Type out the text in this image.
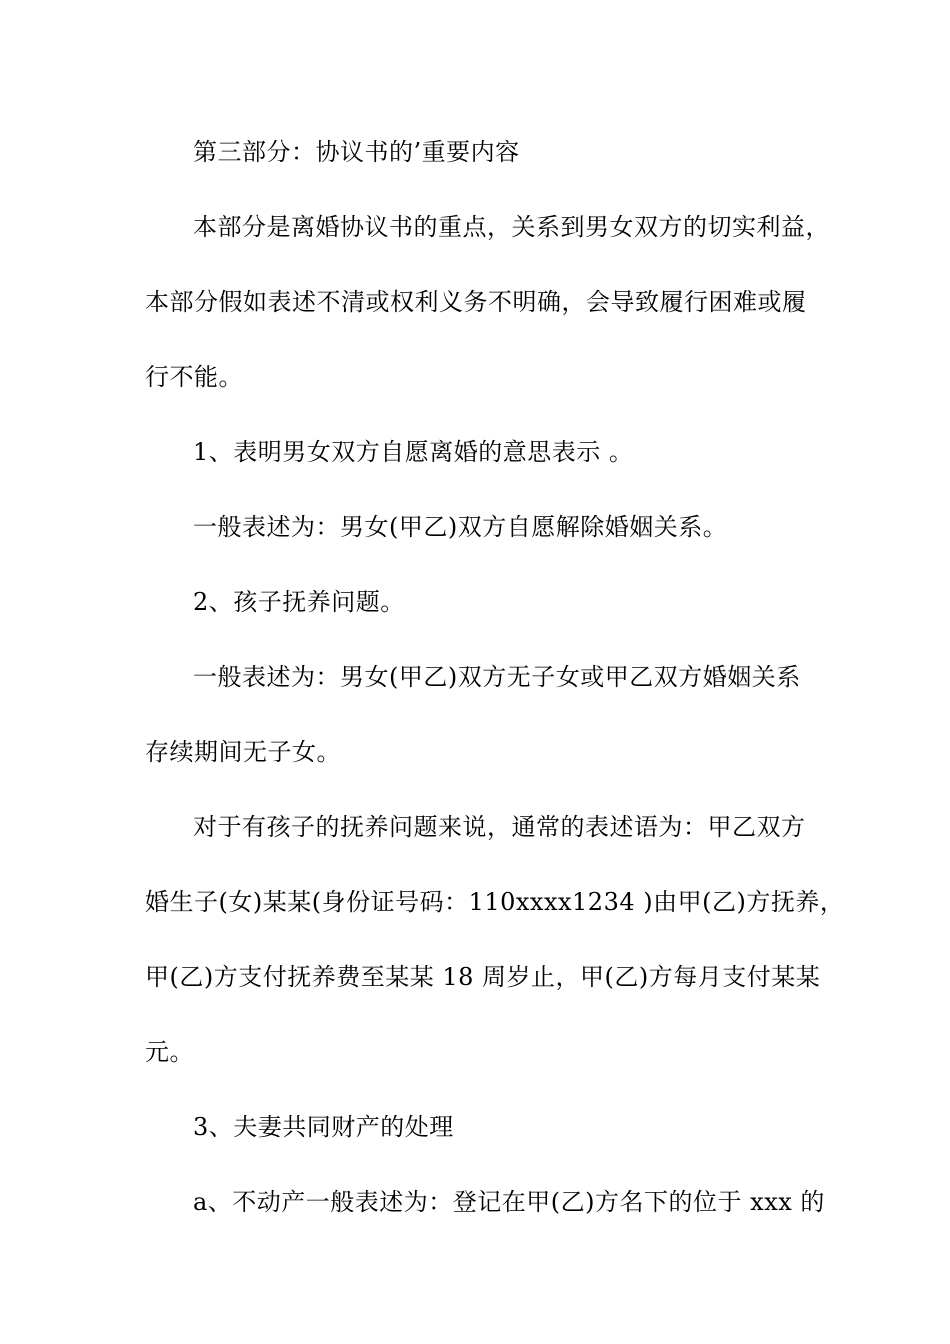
第三部分：协议书的’重要内容
本部分是离婚协议书的重点，关系到男女双方的切实利益，
本部分假如表述不清或权利义务不明确，会导致履行困难或履
行不能。
1、表明男女双方自愿离婚的意思表示 。
一般表述为：男女(甲乙)双方自愿解除婚姻关系。
2、孩子抚养问题。
一般表述为：男女(甲乙)双方无子女或甲乙双方婚姻关系
存续期间无子女。
对于有孩子的抚养问题来说，通常的表述语为：甲乙双方
婚生子(女)某某(身份证号码：110xxxx1234 )由甲(乙)方抚养，
甲(乙)方支付抚养费至某某 18 周岁止，甲(乙)方每月支付某某
元。
3、夫妻共同财产的处理
a、不动产一般表述为：登记在甲(乙)方名下的位于 xxx 的
